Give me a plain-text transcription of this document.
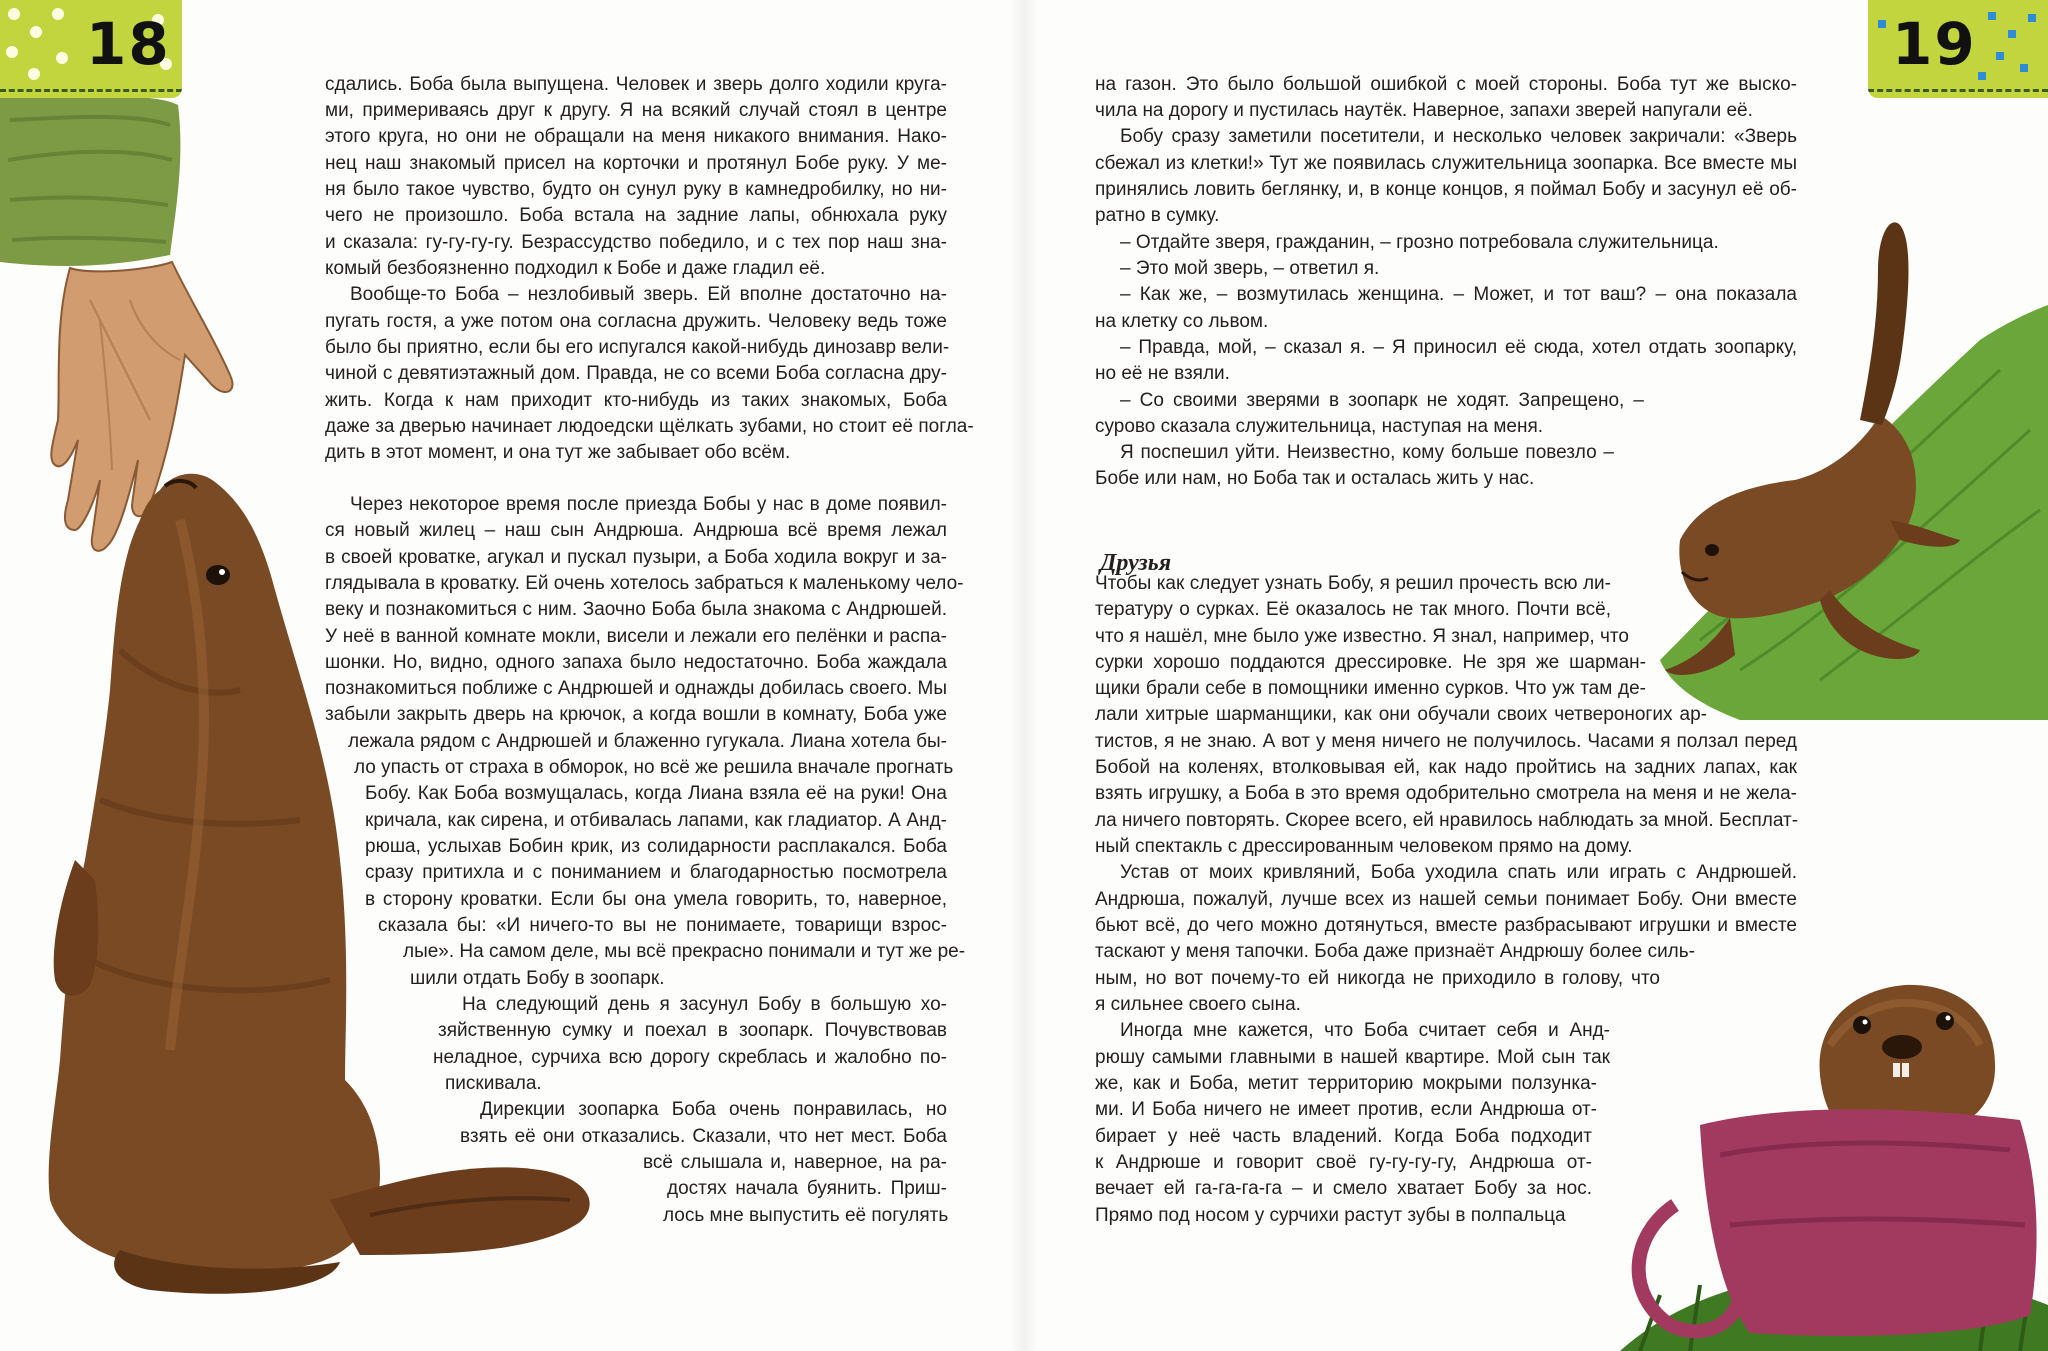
18	19
сдались. Боба была выпущена. Человек и зверь долго ходили круга-
ми, примериваясь друг к другу. Я на всякий случай стоял в центре
этого круга, но они не обращали на меня никакого внимания. Нако-
нец наш знакомый присел на корточки и протянул Бобе руку. У ме-
ня было такое чувство, будто он сунул руку в камнедробилку, но ни-
чего не произошло. Боба встала на задние лапы, обнюхала руку
и сказала: гу-гу-гу-гу. Безрассудство победило, и с тех пор наш зна-
комый безбоязненно подходил к Бобе и даже гладил её.
Вообще-то Боба – незлобивый зверь. Ей вполне достаточно на-
пугать гостя, а уже потом она согласна дружить. Человеку ведь тоже
было бы приятно, если бы его испугался какой-нибудь динозавр вели-
чиной с девятиэтажный дом. Правда, не со всеми Боба согласна дру-
жить. Когда к нам приходит кто-нибудь из таких знакомых, Боба
даже за дверью начинает людоедски щёлкать зубами, но стоит её погла-
дить в этот момент, и она тут же забывает обо всём.
Через некоторое время после приезда Бобы у нас в доме появил-
ся новый жилец – наш сын Андрюша. Андрюша всё время лежал
в своей кроватке, агукал и пускал пузыри, а Боба ходила вокруг и за-
глядывала в кроватку. Ей очень хотелось забраться к маленькому чело-
веку и познакомиться с ним. Заочно Боба была знакома с Андрюшей.
У неё в ванной комнате мокли, висели и лежали его пелёнки и распа-
шонки. Но, видно, одного запаха было недостаточно. Боба жаждала
познакомиться поближе с Андрюшей и однажды добилась своего. Мы
забыли закрыть дверь на крючок, а когда вошли в комнату, Боба уже
лежала рядом с Андрюшей и блаженно гугукала. Лиана хотела бы-
ло упасть от страха в обморок, но всё же решила вначале прогнать
Бобу. Как Боба возмущалась, когда Лиана взяла её на руки! Она
кричала, как сирена, и отбивалась лапами, как гладиатор. А Анд-
рюша, услыхав Бобин крик, из солидарности расплакался. Боба
сразу притихла и с пониманием и благодарностью посмотрела
в сторону кроватки. Если бы она умела говорить, то, наверное,
сказала бы: «И ничего-то вы не понимаете, товарищи взрос-
лые». На самом деле, мы всё прекрасно понимали и тут же ре-
шили отдать Бобу в зоопарк.
На следующий день я засунул Бобу в большую хо-
зяйственную сумку и поехал в зоопарк. Почувствовав
неладное, сурчиха всю дорогу скреблась и жалобно по-
пискивала.
Дирекции зоопарка Боба очень понравилась, но
взять её они отказались. Сказали, что нет мест. Боба
всё слышала и, наверное, на ра-
достях начала буянить. Приш-
лось мне выпустить её погулять
на газон. Это было большой ошибкой с моей стороны. Боба тут же выско-
чила на дорогу и пустилась наутёк. Наверное, запахи зверей напугали её.
Бобу сразу заметили посетители, и несколько человек закричали: «Зверь
сбежал из клетки!» Тут же появилась служительница зоопарка. Все вместе мы
принялись ловить беглянку, и, в конце концов, я поймал Бобу и засунул её об-
ратно в сумку.
– Отдайте зверя, гражданин, – грозно потребовала служительница.
– Это мой зверь, – ответил я.
– Как же, – возмутилась женщина. – Может, и тот ваш? – она показала
на клетку со львом.
– Правда, мой, – сказал я. – Я приносил её сюда, хотел отдать зоопарку,
но её не взяли.
– Со своими зверями в зоопарк не ходят. Запрещено, –
сурово сказала служительница, наступая на меня.
Я поспешил уйти. Неизвестно, кому больше повезло –
Бобе или нам, но Боба так и осталась жить у нас.
Друзья
Чтобы как следует узнать Бобу, я решил прочесть всю ли-
тературу о сурках. Её оказалось не так много. Почти всё,
что я нашёл, мне было уже известно. Я знал, например, что
сурки хорошо поддаются дрессировке. Не зря же шарман-
щики брали себе в помощники именно сурков. Что уж там де-
лали хитрые шарманщики, как они обучали своих четвероногих ар-
тистов, я не знаю. А вот у меня ничего не получилось. Часами я ползал перед
Бобой на коленях, втолковывая ей, как надо пройтись на задних лапах, как
взять игрушку, а Боба в это время одобрительно смотрела на меня и не жела-
ла ничего повторять. Скорее всего, ей нравилось наблюдать за мной. Бесплат-
ный спектакль с дрессированным человеком прямо на дому.
Устав от моих кривляний, Боба уходила спать или играть с Андрюшей.
Андрюша, пожалуй, лучше всех из нашей семьи понимает Бобу. Они вместе
бьют всё, до чего можно дотянуться, вместе разбрасывают игрушки и вместе
таскают у меня тапочки. Боба даже признаёт Андрюшу более силь-
ным, но вот почему-то ей никогда не приходило в голову, что
я сильнее своего сына.
Иногда мне кажется, что Боба считает себя и Анд-
рюшу самыми главными в нашей квартире. Мой сын так
же, как и Боба, метит территорию мокрыми ползунка-
ми. И Боба ничего не имеет против, если Андрюша от-
бирает у неё часть владений. Когда Боба подходит
к Андрюше и говорит своё гу-гу-гу-гу, Андрюша от-
вечает ей га-га-га-га – и смело хватает Бобу за нос.
Прямо под носом у сурчихи растут зубы в полпальца
